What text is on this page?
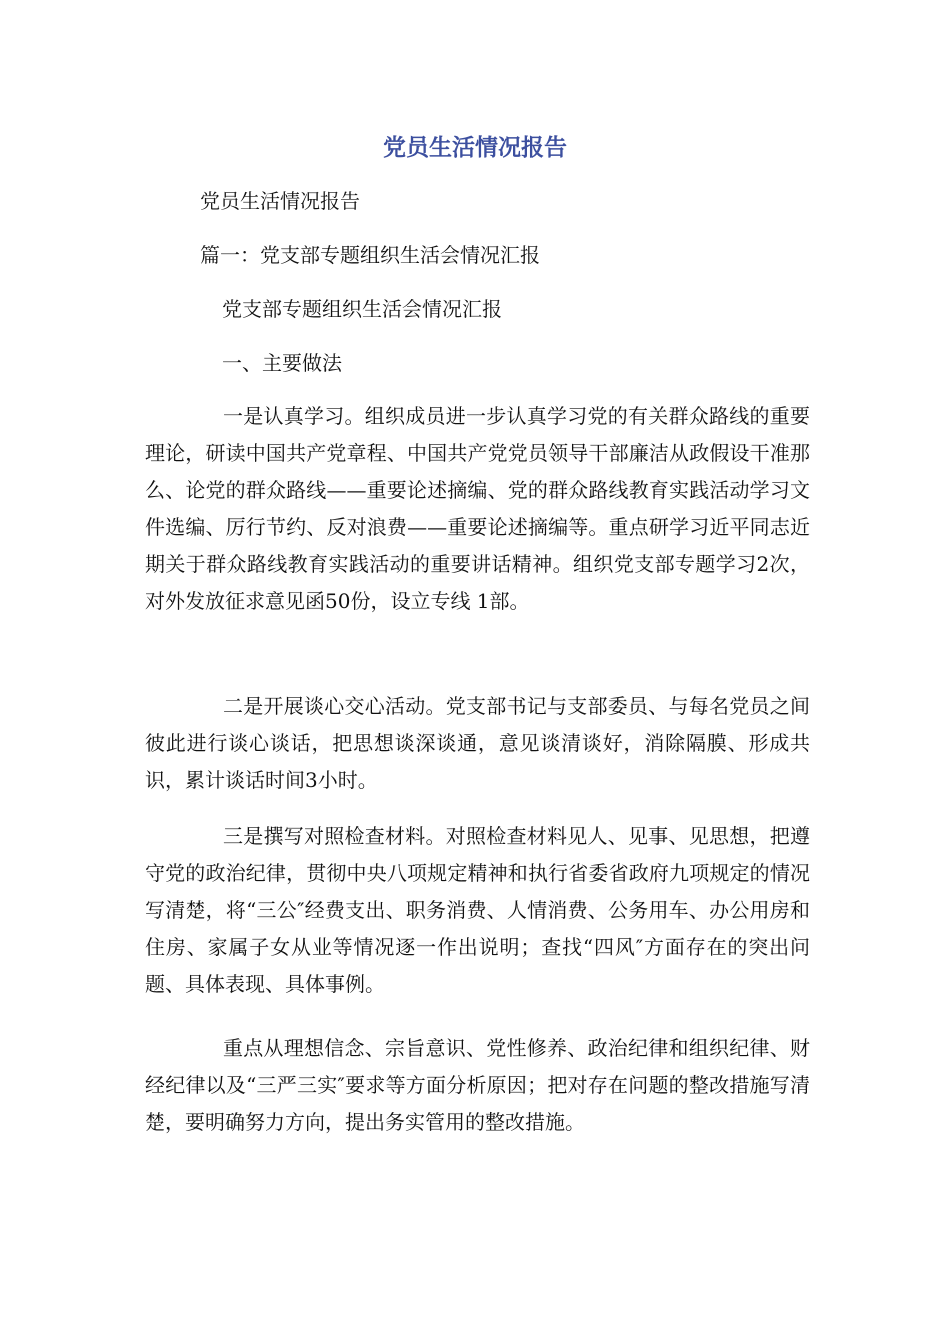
党员生活情况报告

党员生活情况报告

篇一：党支部专题组织生活会情况汇报

党支部专题组织生活会情况汇报

一、主要做法

一是认真学习。组织成员进一步认真学习党的有关群众路线的重要理论，研读中国共产党章程、中国共产党党员领导干部廉洁从政假设干准那么、论党的群众路线——重要论述摘编、党的群众路线教育实践活动学习文件选编、厉行节约、反对浪费——重要论述摘编等。重点研学习近平同志近期关于群众路线教育实践活动的重要讲话精神。组织党支部专题学习2次，对外发放征求意见函50份，设立专线 1部。

二是开展谈心交心活动。党支部书记与支部委员、与每名党员之间彼此进行谈心谈话，把思想谈深谈通，意见谈清谈好，消除隔膜、形成共识，累计谈话时间3小时。

三是撰写对照检查材料。对照检查材料见人、见事、见思想，把遵守党的政治纪律，贯彻中央八项规定精神和执行省委省政府九项规定的情况写清楚，将“三公″经费支出、职务消费、人情消费、公务用车、办公用房和住房、家属子女从业等情况逐一作出说明；查找“四风″方面存在的突出问题、具体表现、具体事例。

重点从理想信念、宗旨意识、党性修养、政治纪律和组织纪律、财经纪律以及“三严三实″要求等方面分析原因；把对存在问题的整改措施写清楚，要明确努力方向，提出务实管用的整改措施。
